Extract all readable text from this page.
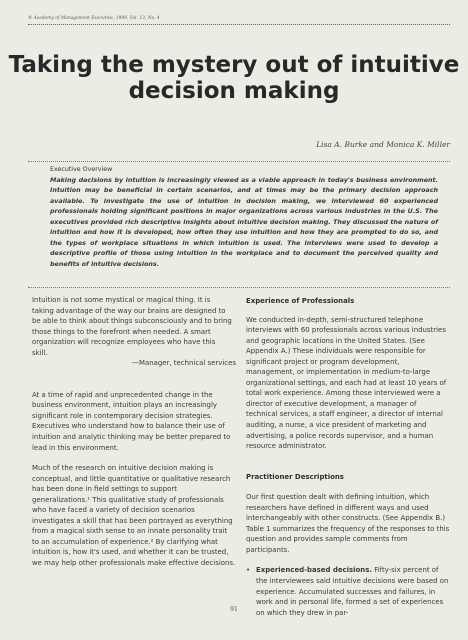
® Academy of Management Executive, 1999, Vol. 13, No. 4
Taking the mystery out of intuitive decision making
Lisa A. Burke and Monica K. Miller
Executive Overview
Making decisions by intuition is increasingly viewed as a viable approach in today's business environment. Intuition may be beneficial in certain scenarios, and at times may be the primary decision approach available. To investigate the use of intuition in decision making, we interviewed 60 experienced professionals holding significant positions in major organizations across various industries in the U.S. The executives provided rich descriptive insights about intuitive decision making. They discussed the nature of intuition and how it is developed, how often they use intuition and how they are prompted to do so, and the types of workplace situations in which intuition is used. The interviews were used to develop a descriptive profile of those using intuition in the workplace and to document the perceived quality and benefits of intuitive decisions.

Intuition is not some mystical or magical thing. It is taking advantage of the way our brains are designed to be able to think about things subconsciously and to bring those things to the forefront when needed. A smart organization will recognize employees who have this skill.

—Manager, technical services

At a time of rapid and unprecedented change in the business environment, intuition plays an increasingly significant role in contemporary decision strategies. Executives who understand how to balance their use of intuition and analytic thinking may be better prepared to lead in this environment.

Much of the research on intuitive decision making is conceptual, and little quantitative or qualitative research has been done in field settings to support generalizations.¹ This qualitative study of professionals who have faced a variety of decision scenarios investigates a skill that has been portrayed as everything from a magical sixth sense to an innate personality trait to an accumulation of experience.² By clarifying what intuition is, how it's used, and whether it can be trusted, we may help other professionals make effective decisions.

Experience of Professionals

We conducted in-depth, semi-structured telephone interviews with 60 professionals across various industries and geographic locations in the United States. (See Appendix A.) These individuals were responsible for significant project or program development, management, or implementation in medium-to-large organizational settings, and each had at least 10 years of total work experience. Among those interviewed were a director of executive development, a manager of technical services, a staff engineer, a director of internal auditing, a nurse, a vice president of marketing and advertising, a police records supervisor, and a human resource administrator.

Practitioner Descriptions

Our first question dealt with defining intuition, which researchers have defined in different ways and used interchangeably with other constructs. (See Appendix B.) Table 1 summarizes the frequency of the responses to this question and provides sample comments from participants.

• Experienced-based decisions. Fifty-six percent of the interviewees said intuitive decisions were based on experience. Accumulated successes and failures, in work and in personal life, formed a set of experiences on which they drew in par-
91
